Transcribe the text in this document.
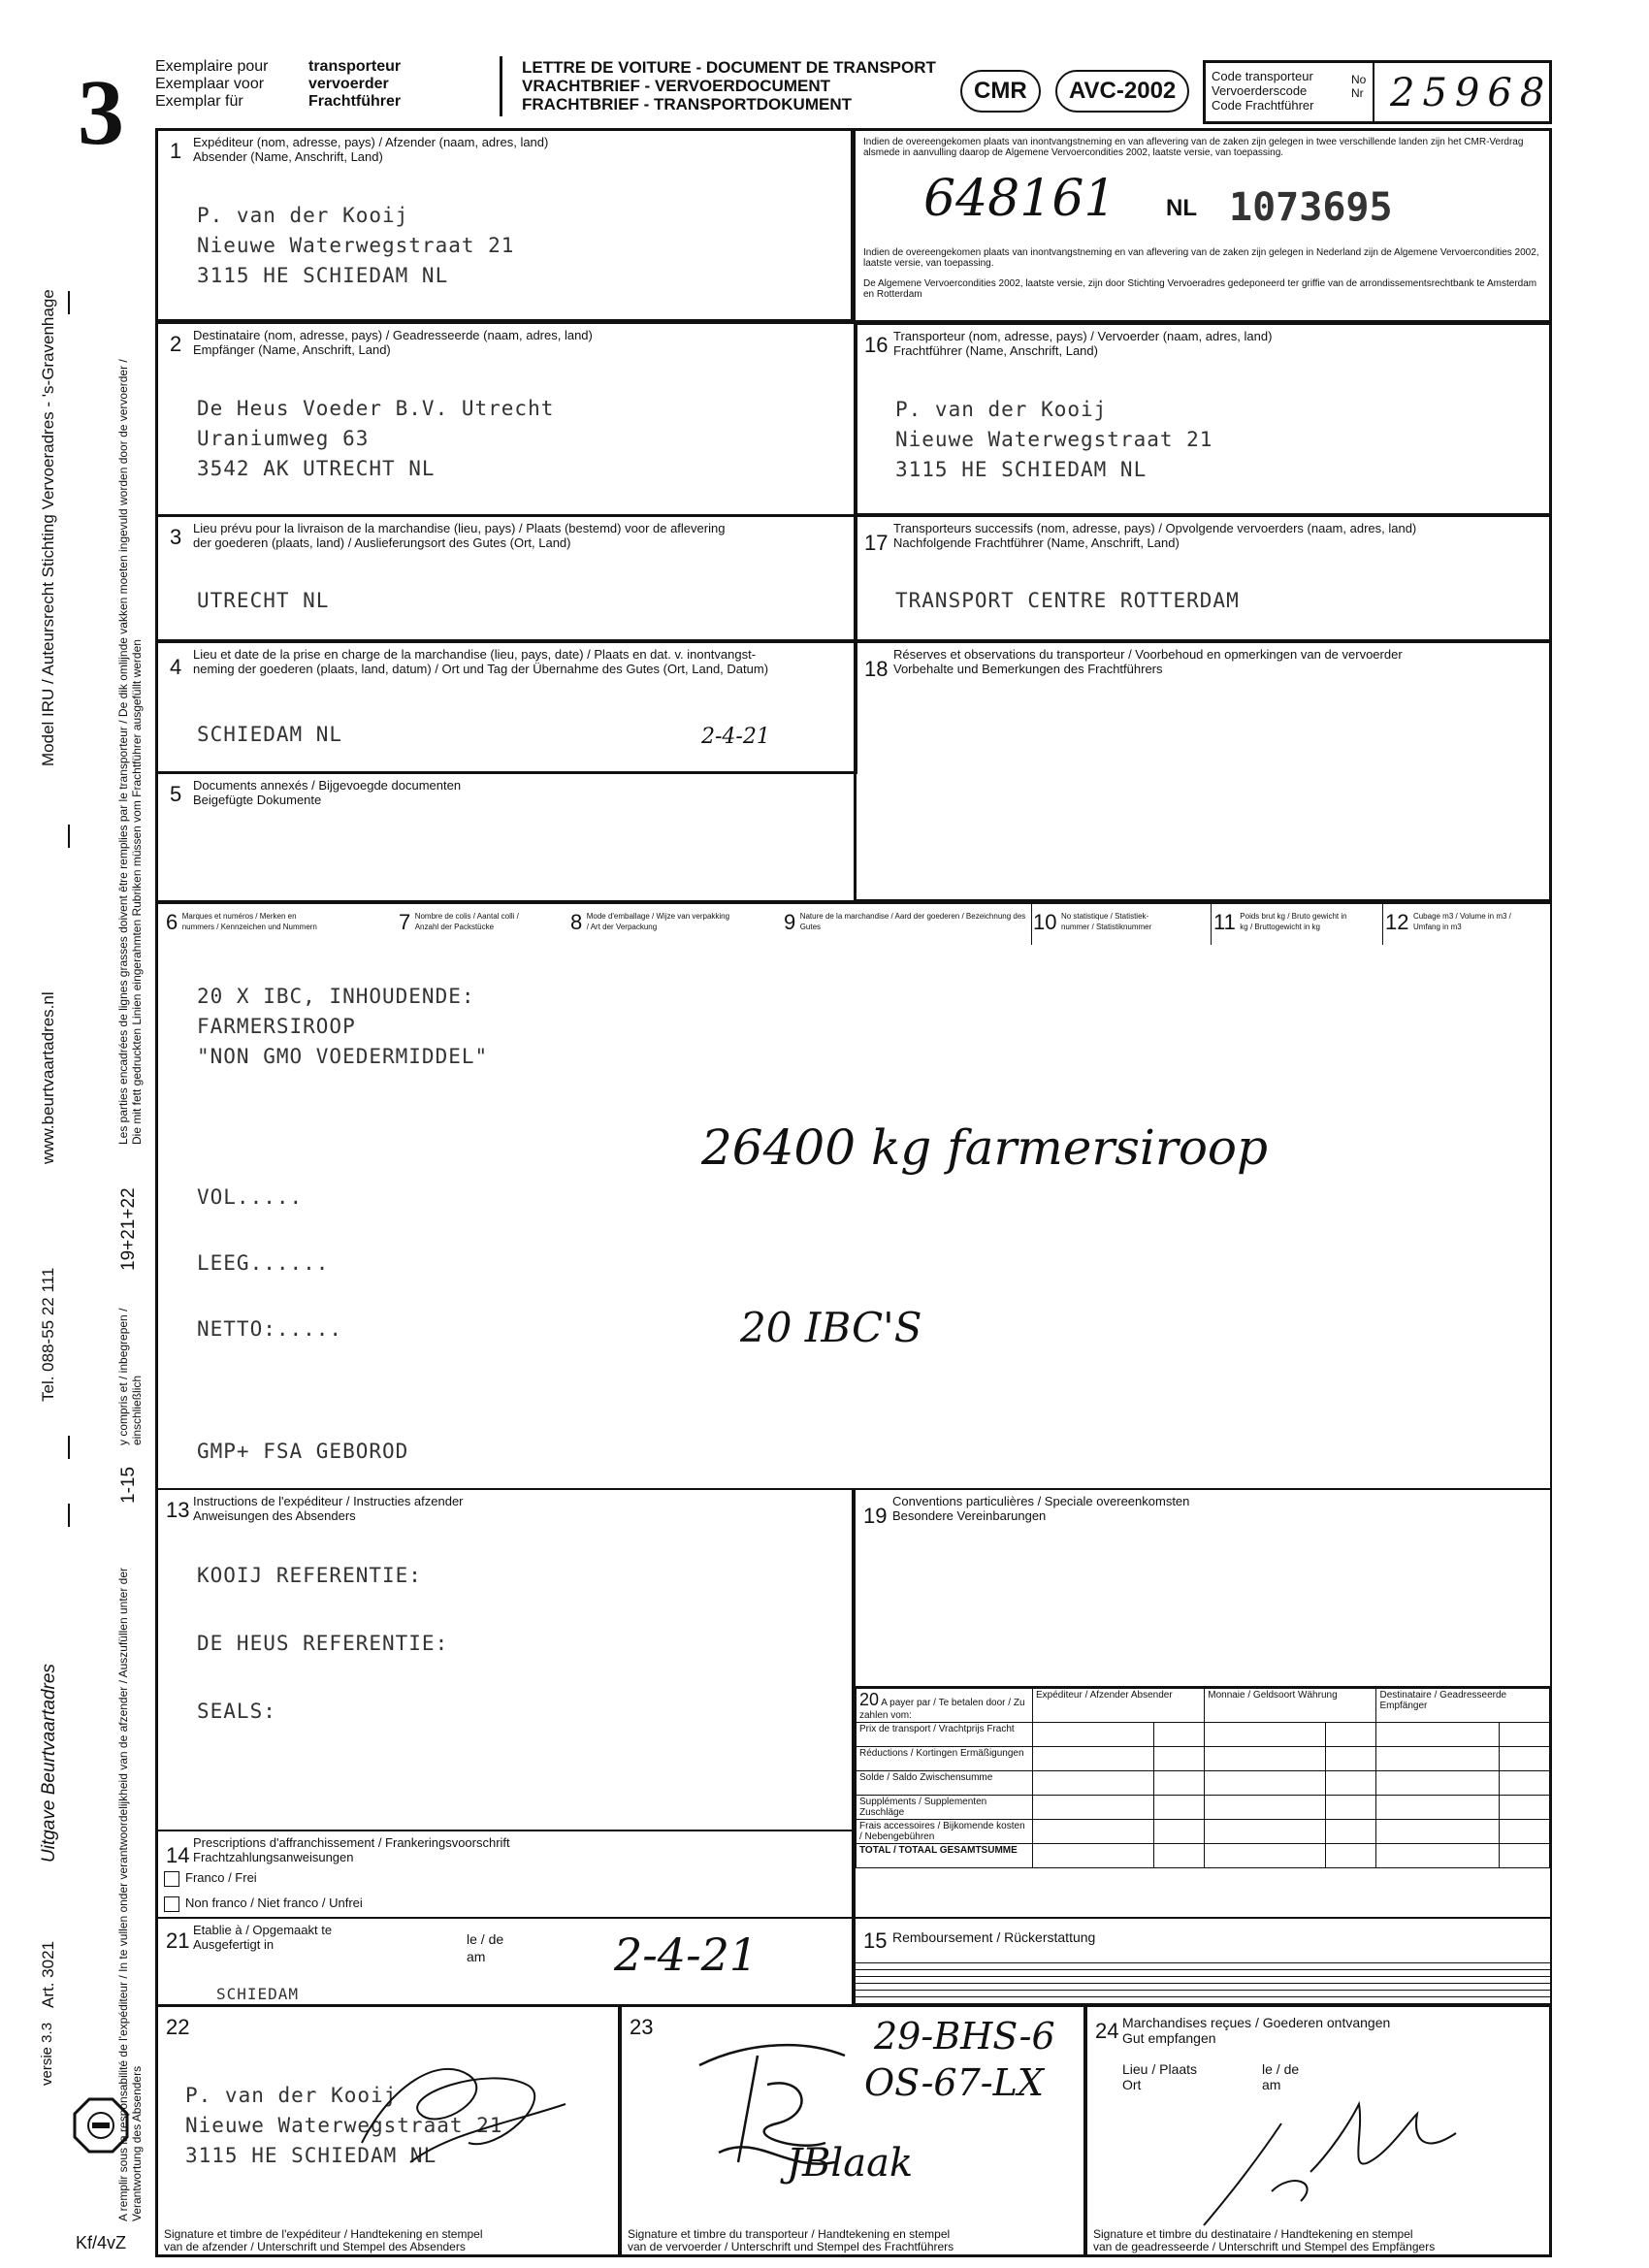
3 Exemplaire pour
Exemplaar voor
Exemplar für
transporteur
vervoerder
Frachtführer
LETTRE DE VOITURE - DOCUMENT DE TRANSPORT
VRACHTBRIEF - VERVOERDOCUMENT
FRACHTBRIEF - TRANSPORTDOKUMENT
CMR	AVC-2002
Code transporteur
Vervoerderscode
Code Frachtführer
No
Nr 25968
Model IRU / Auteursrecht Stichting Vervoeradres - 's-Gravenhage
www.beurtvaartadres.nl
Tel. 088-55 22 111
Uitgave Beurtvaartadres
Art. 3021
versie 3.3
19+21+22
1-15
Les parties encadrées de lignes grasses doivent être remplies par le transporteur / De dik omlijnde vakken moeten ingevuld worden door de vervoerder / Die mit fett gedruckten Linien eingerahmten Rubriken müssen vom Frachtführer ausgefüllt werden
y compris et / inbegrepen / einschließlich
A remplir sous la responsabilité de l'expéditeur / In te vullen onder verantwoordelijkheid van de afzender / Auszufüllen unter der Verantwortung des Absenders
Kf/4vZ
1 Expéditeur (nom, adresse, pays) / Afzender (naam, adres, land)
Absender (Name, Anschrift, Land)
P. van der Kooij
Nieuwe Waterwegstraat 21
3115 HE SCHIEDAM NL
Indien de overeengekomen plaats van inontvangstneming en van aflevering van de zaken zijn gelegen in twee verschillende landen zijn het CMR-Verdrag alsmede in aanvulling daarop de Algemene Vervoercondities 2002, laatste versie, van toepassing.
648161 NL 1073695
Indien de overeengekomen plaats van inontvangstneming en van aflevering van de zaken zijn gelegen in Nederland zijn de Algemene Vervoercondities 2002, laatste versie, van toepassing.
De Algemene Vervoercondities 2002, laatste versie, zijn door Stichting Vervoeradres gedeponeerd ter griffie van de arrondissementsrechtbank te Amsterdam en Rotterdam
2 Destinataire (nom, adresse, pays) / Geadresseerde (naam, adres, land)
Empfänger (Name, Anschrift, Land)
De Heus Voeder B.V. Utrecht
Uraniumweg 63
3542 AK UTRECHT NL
16 Transporteur (nom, adresse, pays) / Vervoerder (naam, adres, land)
Frachtführer (Name, Anschrift, Land)
P. van der Kooij
Nieuwe Waterwegstraat 21
3115 HE SCHIEDAM NL
3 Lieu prévu pour la livraison de la marchandise (lieu, pays) / Plaats (bestemd) voor de aflevering
der goederen (plaats, land) / Auslieferungsort des Gutes (Ort, Land)
UTRECHT NL
17
Transporteurs successifs (nom, adresse, pays) / Opvolgende vervoerders (naam, adres, land)
Nachfolgende Frachtführer (Name, Anschrift, Land)
TRANSPORT CENTRE ROTTERDAM
4
Lieu et date de la prise en charge de la marchandise (lieu, pays, date) / Plaats en dat. v. inontvangst-
neming der goederen (plaats, land, datum) / Ort und Tag der Übernahme des Gutes (Ort, Land, Datum)
SCHIEDAM NL	2-4-21
18
Réserves et observations du transporteur / Voorbehoud en opmerkingen van de vervoerder
Vorbehalte und Bemerkungen des Frachtführers
5 Documents annexés / Bijgevoegde documenten
Beigefügte Dokumente
6 Marques et numéros / Merken en nummers / Kennzeichen und Nummern	7 Nombre de colis / Aantal colli / Anzahl der Packstücke	8 Mode d'emballage / Wijze van verpakking / Art der Verpackung	9 Nature de la marchandise / Aard der goederen / Bezeichnung des Gutes	10 No statistique / Statistiek-nummer / Statistiknummer	11 Poids brut kg / Bruto gewicht in kg / Bruttogewicht in kg	12 Cubage m3 / Volume in m3 / Umfang in m3
20 X IBC, INHOUDENDE:
FARMERSIROOP
"NON GMO VOEDERMIDDEL"
26400 kg farmersiroop
VOL.....
LEEG......
NETTO:.....	20 IBC'S
GMP+ FSA GEBOROD
13 Instructions de l'expéditeur / Instructies afzender
Anweisungen des Absenders
KOOIJ REFERENTIE:
DE HEUS REFERENTIE:
SEALS:
19
Conventions particulières / Speciale overeenkomsten
Besondere Vereinbarungen
20 A payer par / Te betalen door / Zu zahlen vom:	Expéditeur / Afzender Absender		Monnaie / Geldsoort Währung		Destinataire / Geadresseerde Empfänger	
Prix de transport / Vrachtprijs Fracht						
Réductions / Kortingen Ermäßigungen						
Solde / Saldo Zwischensumme						
Suppléments / Supplementen Zuschläge						
Frais accessoires / Bijkomende kosten / Nebengebühren						
TOTAL / TOTAAL GESAMTSUMME						
14
Prescriptions d'affranchissement / Frankeringsvoorschrift
Frachtzahlungsanweisungen
Franco / Frei
Non franco / Niet franco / Unfrei
21 Etablie à / Opgemaakt te
Ausgefertigt in	le / de
am
SCHIEDAM
2-4-21	15 Remboursement / Rückerstattung
22
P. van der Kooij
Nieuwe Waterwegstraat 21
3115 HE SCHIEDAM NL
Signature et timbre de l'expéditeur / Handtekening en stempel
van de afzender / Unterschrift und Stempel des Absenders
23	29-BHS-6
OS-67-LX
JBlaak
Signature et timbre du transporteur / Handtekening en stempel
van de vervoerder / Unterschrift und Stempel des Frachtführers
24 Marchandises reçues / Goederen ontvangen
Gut empfangen
Lieu / Plaats
Ort
le / de
am
Signature et timbre du destinataire / Handtekening en stempel
van de geadresseerde / Unterschrift und Stempel des Empfängers
